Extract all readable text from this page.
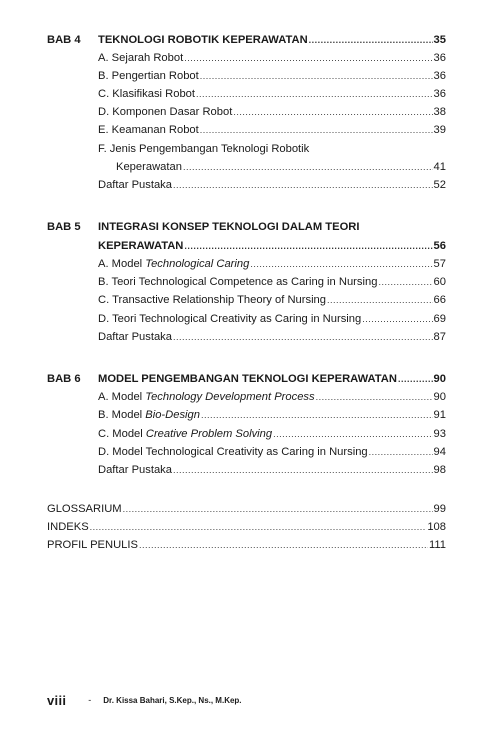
BAB 4 TEKNOLOGI ROBOTIK KEPERAWATAN .....	35
A. Sejarah Robot .....	36
B. Pengertian Robot .....	36
C. Klasifikasi Robot .....	36
D. Komponen Dasar Robot .....	38
E. Keamanan Robot .....	39
F. Jenis Pengembangan Teknologi Robotik
Keperawatan .....	41
Daftar Pustaka .....	52
BAB 5 INTEGRASI KONSEP TEKNOLOGI DALAM TEORI
KEPERAWATAN .....	56
A. Model Technological Caring .....	57
B. Teori Technological Competence as Caring in Nursing .....	60
C. Transactive Relationship Theory of Nursing .....	66
D. Teori Technological Creativity as Caring in Nursing .....	69
Daftar Pustaka .....	87
BAB 6 MODEL PENGEMBANGAN TEKNOLOGI KEPERAWATAN .....	90
A. Model Technology Development Process .....	90
B. Model Bio-Design .....	91
C. Model Creative Problem Solving .....	93
D. Model Technological Creativity as Caring in Nursing .....	94
Daftar Pustaka .....	98
GLOSSARIUM .....	99
INDEKS .....	108
PROFIL PENULIS .....	111
viii - Dr. Kissa Bahari, S.Kep., Ns., M.Kep.
